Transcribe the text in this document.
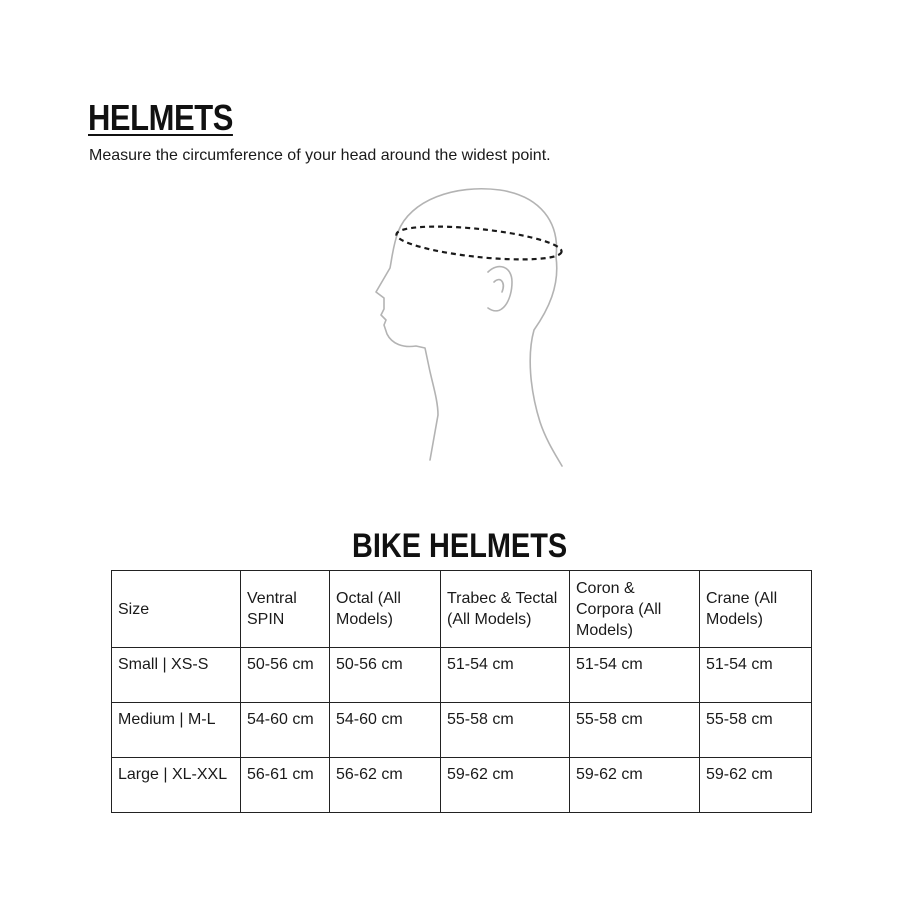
HELMETS

Measure the circumference of your head around the widest point.

BIKE HELMETS
Size	Ventral SPIN	Octal (All Models)	Trabec & Tectal (All Models)	Coron & Corpora (All Models)	Crane (All Models)
Small | XS-S	50-56 cm	50-56 cm	51-54 cm	51-54 cm	51-54 cm
Medium | M-L	54-60 cm	54-60 cm	55-58 cm	55-58 cm	55-58 cm
Large | XL-XXL	56-61 cm	56-62 cm	59-62 cm	59-62 cm	59-62 cm
